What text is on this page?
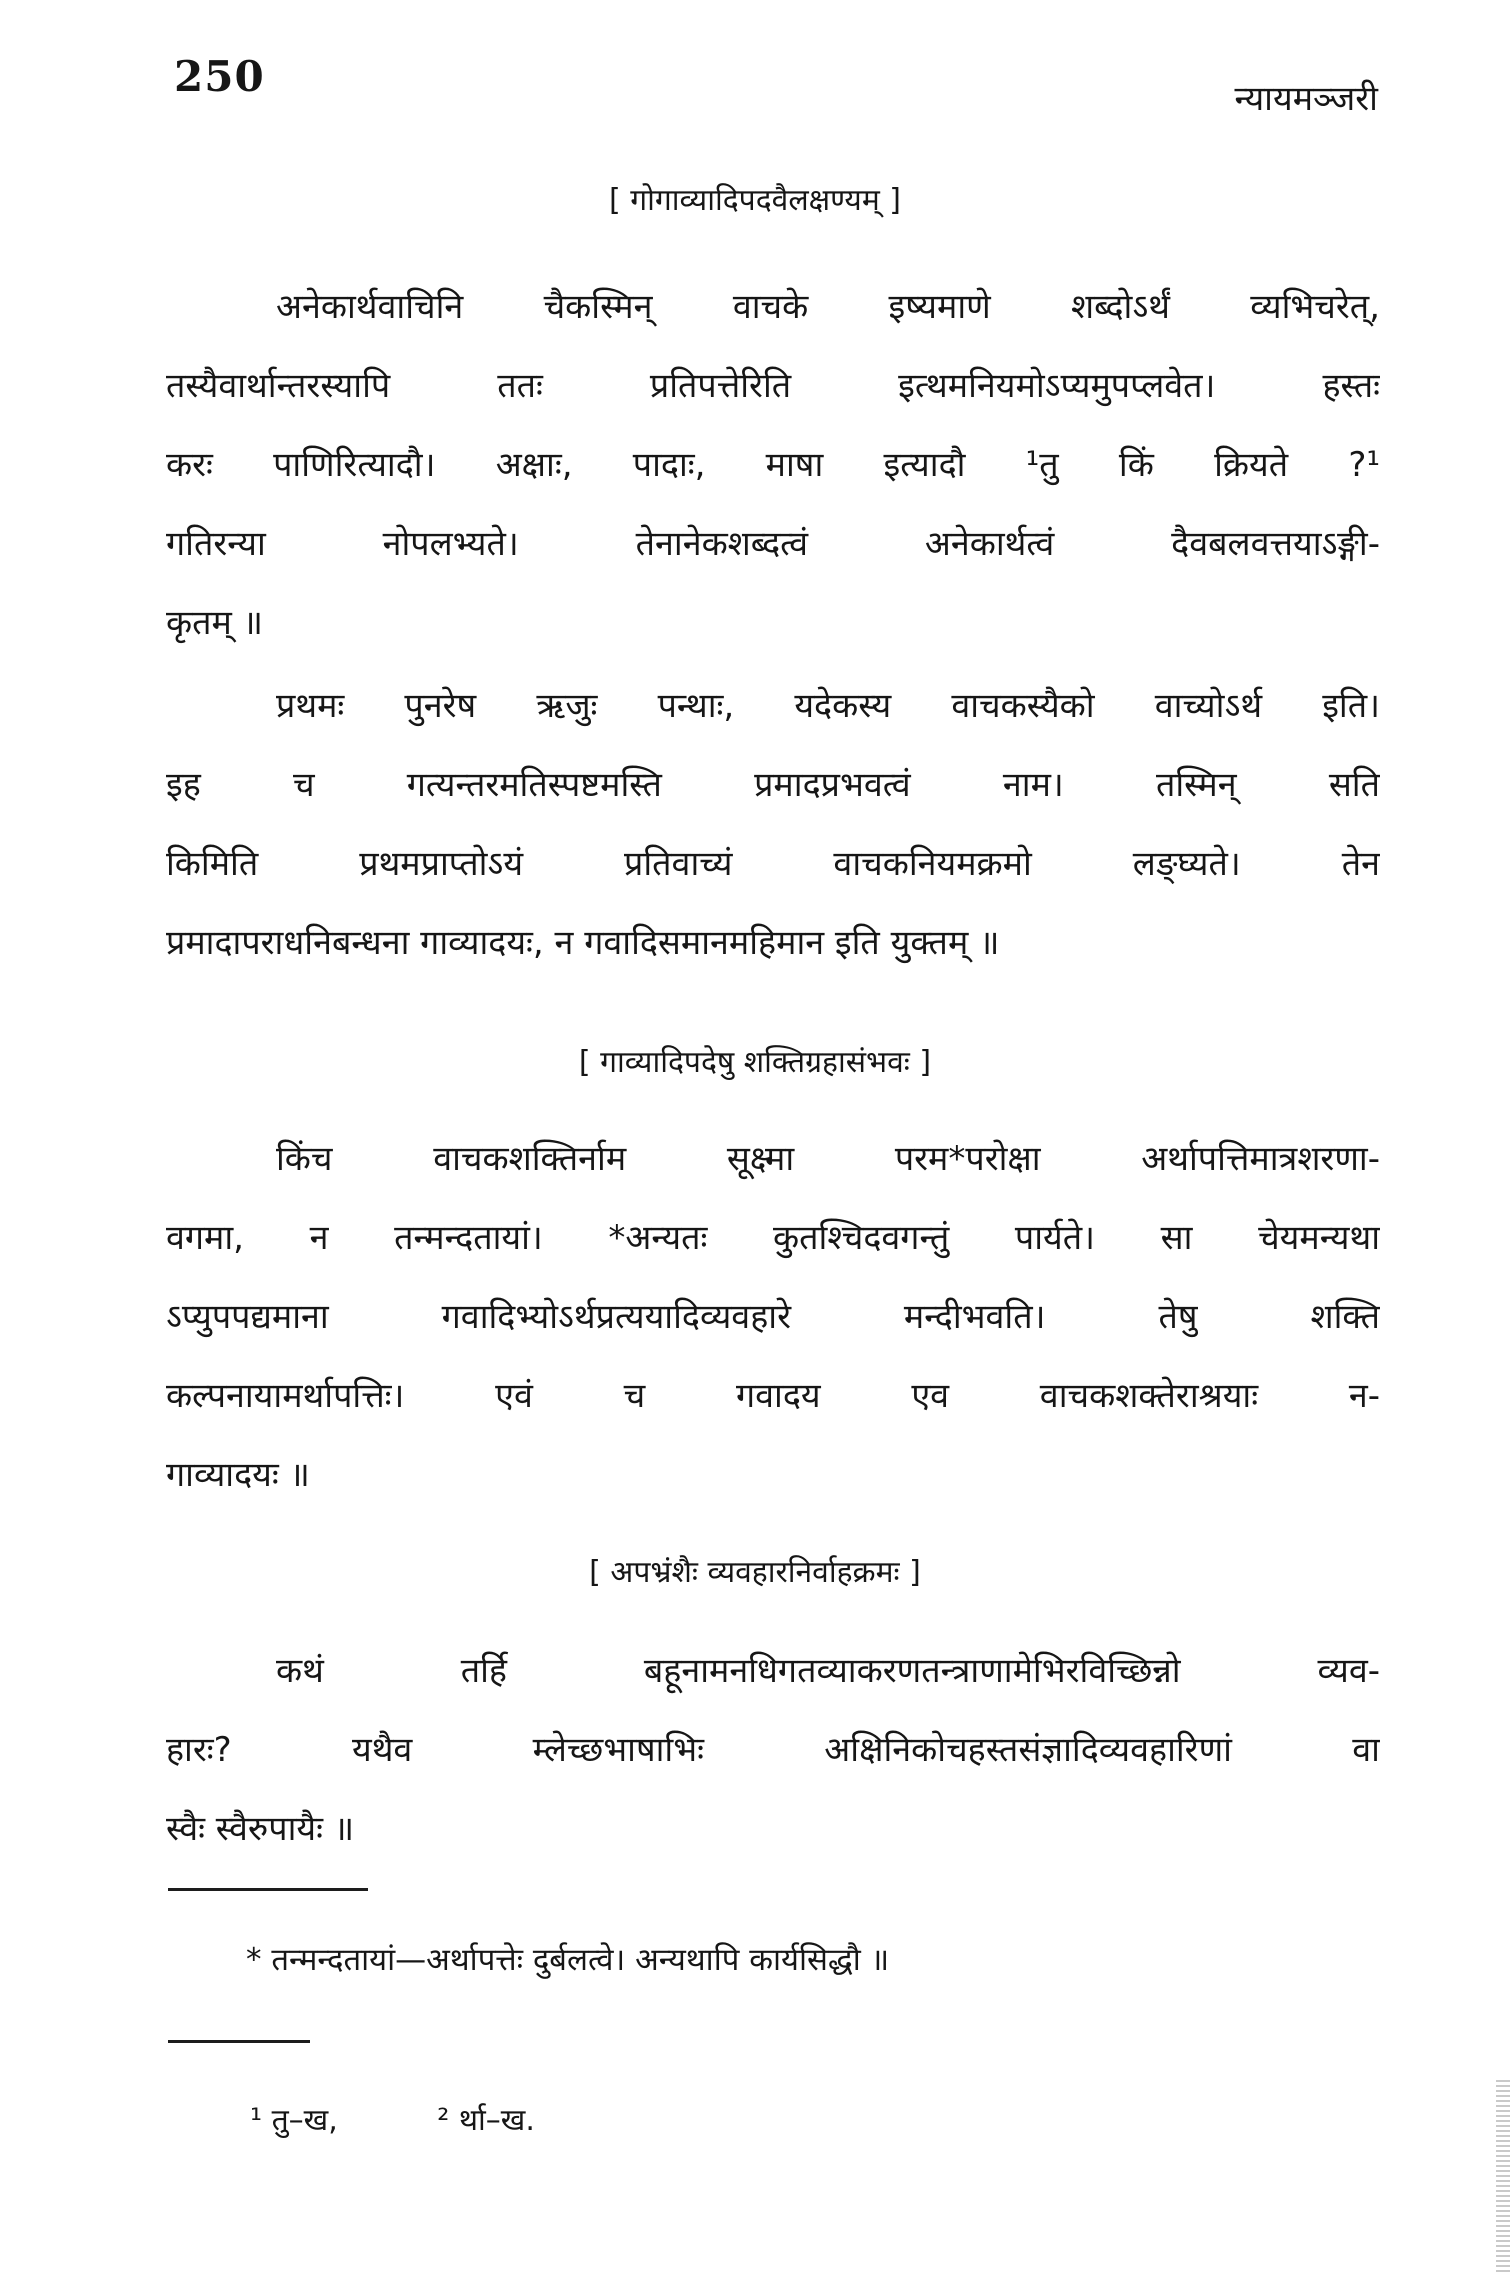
250	न्यायमञ्जरी
[ गोगाव्यादिपदवैलक्षण्यम् ]
अनेकार्थवाचिनि चैकस्मिन् वाचके इष्यमाणे शब्दोऽर्थं व्यभिचरेत्,
तस्यैवार्थान्तरस्यापि ततः प्रतिपत्तेरिति इत्थमनियमोऽप्यमुपप्लवेत। हस्तः
करः पाणिरित्यादौ। अक्षाः, पादाः, माषा इत्यादौ ¹तु किं क्रियते ?¹
गतिरन्या नोपलभ्यते। तेनानेकशब्दत्वं अनेकार्थत्वं दैवबलवत्तयाऽङ्गी-
कृतम् ॥
प्रथमः पुनरेष ऋजुः पन्थाः, यदेकस्य वाचकस्यैको वाच्योऽर्थ इति।
इह च गत्यन्तरमतिस्पष्टमस्ति प्रमादप्रभवत्वं नाम। तस्मिन् सति
किमिति प्रथमप्राप्तोऽयं प्रतिवाच्यं वाचकनियमक्रमो लङ्घ्यते। तेन
प्रमादापराधनिबन्धना गाव्यादयः, न गवादिसमानमहिमान इति युक्तम् ॥
[ गाव्यादिपदेषु शक्तिग्रहासंभवः ]
किंच वाचकशक्तिर्नाम सूक्ष्मा परम*परोक्षा अर्थापत्तिमात्रशरणा-
वगमा, न तन्मन्दतायां। *अन्यतः कुतश्चिदवगन्तुं पार्यते। सा चेयमन्यथा
ऽप्युपपद्यमाना गवादिभ्योऽर्थप्रत्ययादिव्यवहारे मन्दीभवति। तेषु शक्ति
कल्पनायामर्थापत्तिः। एवं च गवादय एव वाचकशक्तेराश्रयाः न-
गाव्यादयः ॥
[ अपभ्रंशैः व्यवहारनिर्वाहक्रमः ]
कथं तर्हि बहूनामनधिगतव्याकरणतन्त्राणामेभिरविच्छिन्नो व्यव-
हारः? यथैव म्लेच्छभाषाभिः अक्षिनिकोचहस्तसंज्ञादिव्यवहारिणां वा
स्वैः स्वैरुपायैः ॥
* तन्मन्दतायां—अर्थापत्तेः दुर्बलत्वे। अन्यथापि कार्यसिद्धौ ॥
¹ तु–ख,	² र्था–ख.
